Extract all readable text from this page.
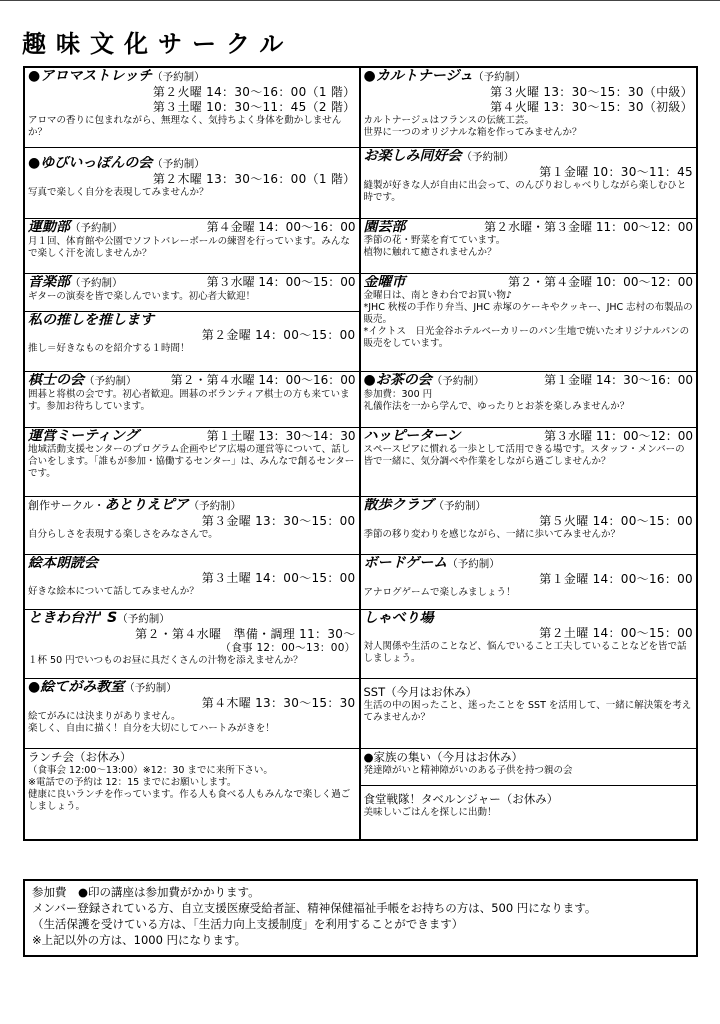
趣味文化サークル
●アロマストレッチ（予約制）
第２火曜 14：30〜16：00（1 階）
第３土曜 10：30〜11：45（2 階）
アロマの香りに包まれながら、無理なく、気持ちよく身体を動かしませんか？
●カルトナージュ（予約制）
第３火曜 13：30〜15：30（中級）
第４火曜 13：30〜15：30（初級）
カルトナージュはフランスの伝統工芸。
世界に一つのオリジナルな箱を作ってみませんか？
●ゆびいっぽんの会（予約制）
第２木曜 13：30〜16：00（1 階）
写真で楽しく自分を表現してみませんか？
お楽しみ同好会（予約制）
第１金曜 10：30〜11：45
縫製が好きな人が自由に出会って、のんびりおしゃべりしながら楽しむひと時です。
運動部（予約制）	第４金曜 14：00〜16：00
月１回、体育館や公園でソフトバレーボールの練習を行っています。みんなで楽しく汗を流しませんか？
園芸部	第２水曜・第３金曜 11：00〜12：00
季節の花・野菜を育てています。
植物に触れて癒されませんか？
音楽部（予約制）	第３水曜 14：00〜15：00
ギターの演奏を皆で楽しんでいます。初心者大歓迎！
私の推しを推します
第２金曜 14：00〜15：00
推し＝好きなものを紹介する１時間！
金曜市	第２・第４金曜 10：00〜12：00
金曜日は、南ときわ台でお買い物♪
*JHC 秋桜の手作り弁当、JHC 赤塚のケーキやクッキー、JHC 志村の布製品の販売。
*イクトス　日光金谷ホテルベーカリーのパン生地で焼いたオリジナルパンの販売をしています。
棋士の会（予約制）	第２・第４水曜 14：00〜16：00
囲碁と将棋の会です。初心者歓迎。囲碁のボランティア棋士の方も来ています。参加お待ちしています。
●お茶の会（予約制）	第１金曜 14：30〜16：00
参加費：300 円
礼儀作法を一から学んで、ゆったりとお茶を楽しみませんか？
運営ミーティング	第１土曜 13：30〜14：30
地域活動支援センターのプログラム企画やピア広場の運営等について、話し合いをします。「誰もが参加・協働するセンター」は、みんなで創るセンターです。
ハッピーターン	第３水曜 11：00〜12：00
スペースピアに慣れる一歩として活用できる場です。スタッフ・メンバーの皆で一緒に、気分調べや作業をしながら過ごしませんか？
創作サークル・あとりえピア（予約制）
第３金曜 13：30〜15：00
自分らしさを表現する楽しさをみなさんで。
散歩クラブ（予約制）
第５火曜 14：00〜15：00
季節の移り変わりを感じながら、一緒に歩いてみませんか？
絵本朗読会
第３土曜 14：00〜15：00
好きな絵本について話してみませんか？
ボードゲーム（予約制）
第１金曜 14：00〜16：00
アナログゲームで楽しみましょう！
ときわ台汁' S（予約制）
第２・第４水曜　準備・調理 11：30〜
（食事 12：00〜13：00）
１杯 50 円でいつものお昼に具だくさんの汁物を添えませんか？
しゃべり場
第２土曜 14：00〜15：00
対人関係や生活のことなど、悩んでいること工夫していることなどを皆で話しましょう。
●絵てがみ教室（予約制）
第４木曜 13：30〜15：30
絵てがみには決まりがありません。
楽しく、自由に描く！自分を大切にしてハートみがきを！
SST（今月はお休み）
生活の中の困ったこと、迷ったことを SST を活用して、一緒に解決策を考えてみませんか？
ランチ会（お休み）
（食事会 12:00〜13:00）※12：30 までに来所下さい。
※電話での予約は 12：15 までにお願いします。
健康に良いランチを作っています。作る人も食べる人もみんなで楽しく過ごしましょう。
●家族の集い（今月はお休み）
発達障がいと精神障がいのある子供を持つ親の会
食堂戦隊！タベルンジャー（お休み）
美味しいごはんを探しに出動！
参加費　 ●印の講座は参加費がかかります。
メンバー登録されている方、自立支援医療受給者証、精神保健福祉手帳をお持ちの方は、500 円になります。
（生活保護を受けている方は、「生活力向上支援制度」を利用することができます）
※上記以外の方は、1000 円になります。
